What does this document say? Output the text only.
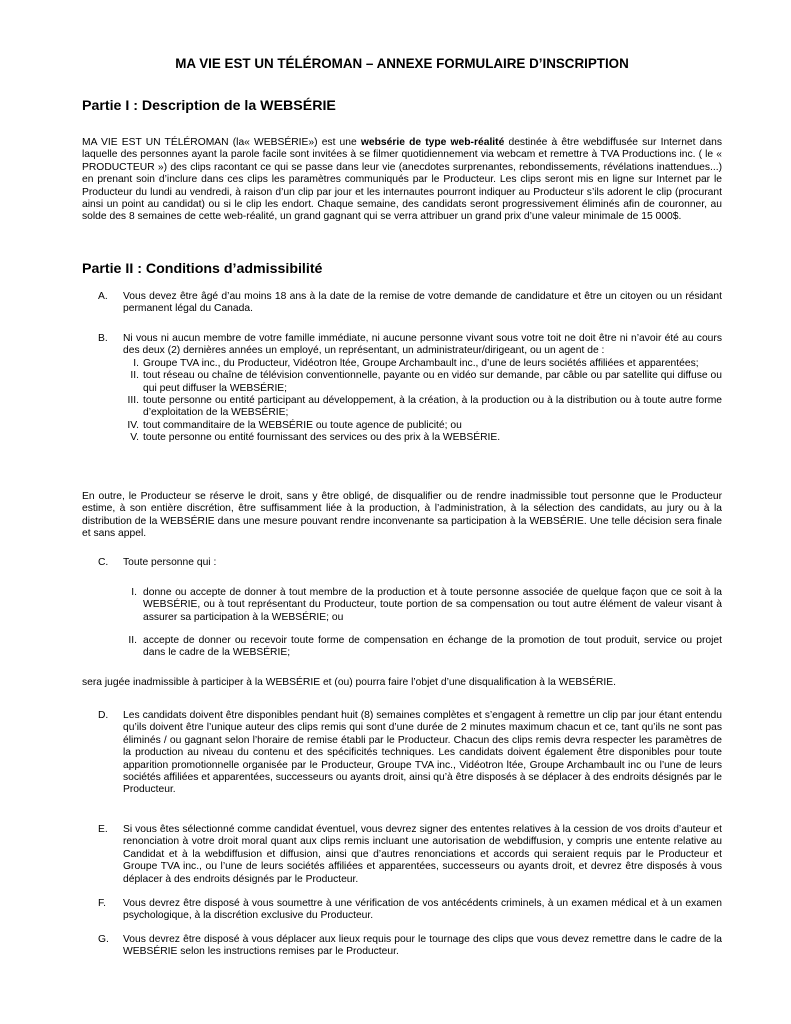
MA VIE EST UN TÉLÉROMAN – ANNEXE FORMULAIRE D’INSCRIPTION
Partie I : Description de la WEBSÉRIE

MA VIE EST UN TÉLÉROMAN (la« WEBSÉRIE») est une websérie de type web-réalité destinée à être webdiffusée sur Internet dans laquelle des personnes ayant la parole facile sont invitées à se filmer quotidiennement via webcam et remettre à TVA Productions inc. ( le « PRODUCTEUR ») des clips racontant ce qui se passe dans leur vie (anecdotes surprenantes, rebondissements, révélations inattendues...) en prenant soin d’inclure dans ces clips les paramètres communiqués par le Producteur. Les clips seront mis en ligne sur Internet par le Producteur du lundi au vendredi, à raison d’un clip par jour et les internautes pourront indiquer au Producteur s’ils adorent le clip (procurant ainsi un point au candidat) ou si le clip les endort. Chaque semaine, des candidats seront progressivement éliminés afin de couronner, au solde des 8 semaines de cette web-réalité, un grand gagnant qui se verra attribuer un grand prix d’une valeur minimale de 15 000$.

Partie II : Conditions d’admissibilité
A. Vous devez être âgé d’au moins 18 ans à la date de la remise de votre demande de candidature et être un citoyen ou un résidant permanent légal du Canada.
B. Ni vous ni aucun membre de votre famille immédiate, ni aucune personne vivant sous votre toit ne doit être ni n’avoir été au cours des deux (2) dernières années un employé, un représentant, un administrateur/dirigeant, ou un agent de :
I. Groupe TVA inc., du Producteur, Vidéotron ltée, Groupe Archambault inc., d’une de leurs sociétés affiliées et apparentées;
II. tout réseau ou chaîne de télévision conventionnelle, payante ou en vidéo sur demande, par câble ou par satellite qui diffuse ou qui peut diffuser la WEBSÉRIE;
III. toute personne ou entité participant au développement, à la création, à la production ou à la distribution ou à toute autre forme d’exploitation de la WEBSÉRIE;
IV. tout commanditaire de la WEBSÉRIE ou toute agence de publicité; ou
V. toute personne ou entité fournissant des services ou des prix à la WEBSÉRIE.

En outre, le Producteur se réserve le droit, sans y être obligé, de disqualifier ou de rendre inadmissible tout personne que le Producteur estime, à son entière discrétion, être suffisamment liée à la production, à l’administration, à la sélection des candidats, au jury ou à la distribution de la WEBSÉRIE dans une mesure pouvant rendre inconvenante sa participation à la WEBSÉRIE. Une telle décision sera finale et sans appel.

C. Toute personne qui :
I. donne ou accepte de donner à tout membre de la production et à toute personne associée de quelque façon que ce soit à la WEBSÉRIE, ou à tout représentant du Producteur, toute portion de sa compensation ou tout autre élément de valeur visant à assurer sa participation à la WEBSÉRIE; ou
II. accepte de donner ou recevoir toute forme de compensation en échange de la promotion de tout produit, service ou projet dans le cadre de la WEBSÉRIE;

sera jugée inadmissible à participer à la WEBSÉRIE et (ou) pourra faire l’objet d’une disqualification à la WEBSÉRIE.

D. Les candidats doivent être disponibles pendant huit (8) semaines complètes et s’engagent à remettre un clip par jour étant entendu qu’ils doivent être l’unique auteur des clips remis qui sont d’une durée de 2 minutes maximum chacun et ce, tant qu’ils ne sont pas éliminés / ou gagnant selon l’horaire de remise établi par le Producteur. Chacun des clips remis devra respecter les paramètres de la production au niveau du contenu et des spécificités techniques. Les candidats doivent également être disponibles pour toute apparition promotionnelle organisée par le Producteur, Groupe TVA inc., Vidéotron ltée, Groupe Archambault inc ou l’une de leurs sociétés affiliées et apparentées, successeurs ou ayants droit, ainsi qu’à être disposés à se déplacer à des endroits désignés par le Producteur.
E. Si vous êtes sélectionné comme candidat éventuel, vous devrez signer des ententes relatives à la cession de vos droits d’auteur et renonciation à votre droit moral quant aux clips remis incluant une autorisation de webdiffusion, y compris une entente relative au Candidat et à la webdiffusion et diffusion, ainsi que d’autres renonciations et accords qui seraient requis par le Producteur et Groupe TVA inc., ou l’une de leurs sociétés affiliées et apparentées, successeurs ou ayants droit, et devrez être disposés à vous déplacer à des endroits désignés par le Producteur.
F. Vous devrez être disposé à vous soumettre à une vérification de vos antécédents criminels, à un examen médical et à un examen psychologique, à la discrétion exclusive du Producteur.
G. Vous devrez être disposé à vous déplacer aux lieux requis pour le tournage des clips que vous devez remettre dans le cadre de la WEBSÉRIE selon les instructions remises par le Producteur.
